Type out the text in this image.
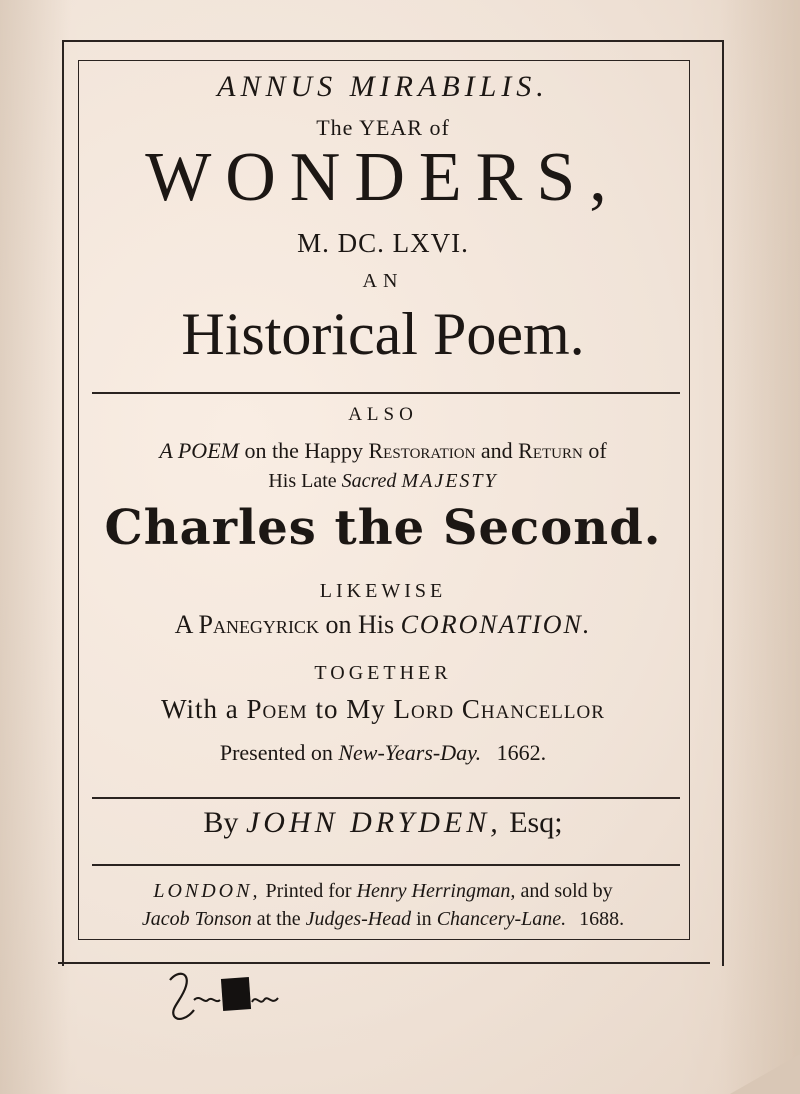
ANNUS MIRABILIS.
The YEAR of
WONDERS,
M. DC. LXVI.
AN
Historical Poem.
ALSO
A POEM on the Happy Restoration and Return of
His Late Sacred MAJESTY
Charles the Second.
LIKEWISE
A Panegyrick on His CORONATION.
TOGETHER
With a Poem to My Lord Chancellor
Presented on New-Years-Day. 1662.
By JOHN DRYDEN, Esq;
LONDON, Printed for Henry Herringman, and sold by
Jacob Tonson at the Judges-Head in Chancery-Lane. 1688.
